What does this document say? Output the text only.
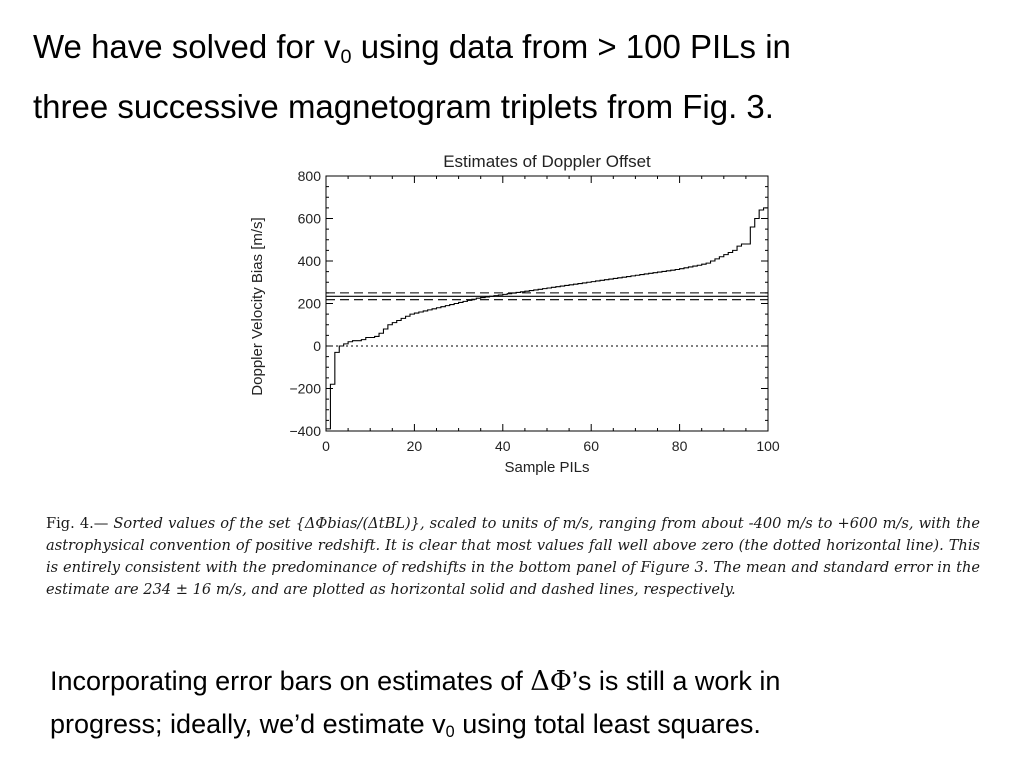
We have solved for $v_0$ using data from > 100 PILs in
three successive magnetogram triplets from Fig. 3.
Estimates of Doppler Offset
800
600
400
200
0
−200
−400
0	20	40	60	80	100
Sample PILs
Doppler Velocity Bias [m/s]
Fig. 4.— Sorted values of the set {ΔΦbias/(ΔtBL)}, scaled to units of m/s, ranging from about -400 m/s to +600 m/s, with the astrophysical convention of positive redshift. It is clear that most values fall well above zero (the dotted horizontal line). This is entirely consistent with the predominance of redshifts in the bottom panel of Figure 3. The mean and standard error in the estimate are 234 ± 16 m/s, and are plotted as horizontal solid and dashed lines, respectively.
Incorporating error bars on estimates of ΔΦ’s is still a work in
progress; ideally, we’d estimate $v_0$ using total least squares.
